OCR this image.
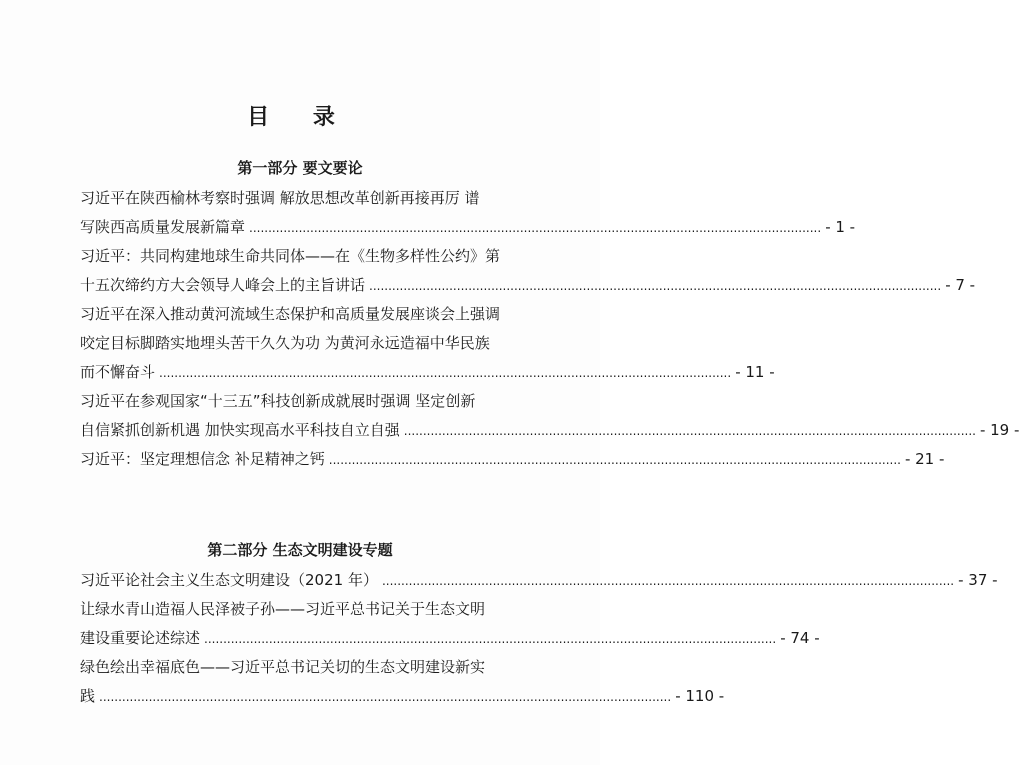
目 录
第一部分 要文要论
习近平在陕西榆林考察时强调 解放思想改革创新再接再厉 谱
写陕西高质量发展新篇章 .....	- 1 -
习近平：共同构建地球生命共同体——在《生物多样性公约》第
十五次缔约方大会领导人峰会上的主旨讲话 .....	- 7 -
习近平在深入推动黄河流域生态保护和高质量发展座谈会上强调
咬定目标脚踏实地埋头苦干久久为功 为黄河永远造福中华民族
而不懈奋斗 .....	- 11 -
习近平在参观国家“十三五”科技创新成就展时强调 坚定创新
自信紧抓创新机遇 加快实现高水平科技自立自强 .....	- 19 -
习近平：坚定理想信念 补足精神之钙 .....	- 21 -
第二部分 生态文明建设专题
习近平论社会主义生态文明建设（2021 年） .....	- 37 -
让绿水青山造福人民泽被子孙——习近平总书记关于生态文明
建设重要论述综述 .....	- 74 -
绿色绘出幸福底色——习近平总书记关切的生态文明建设新实
践 .....	- 110 -
